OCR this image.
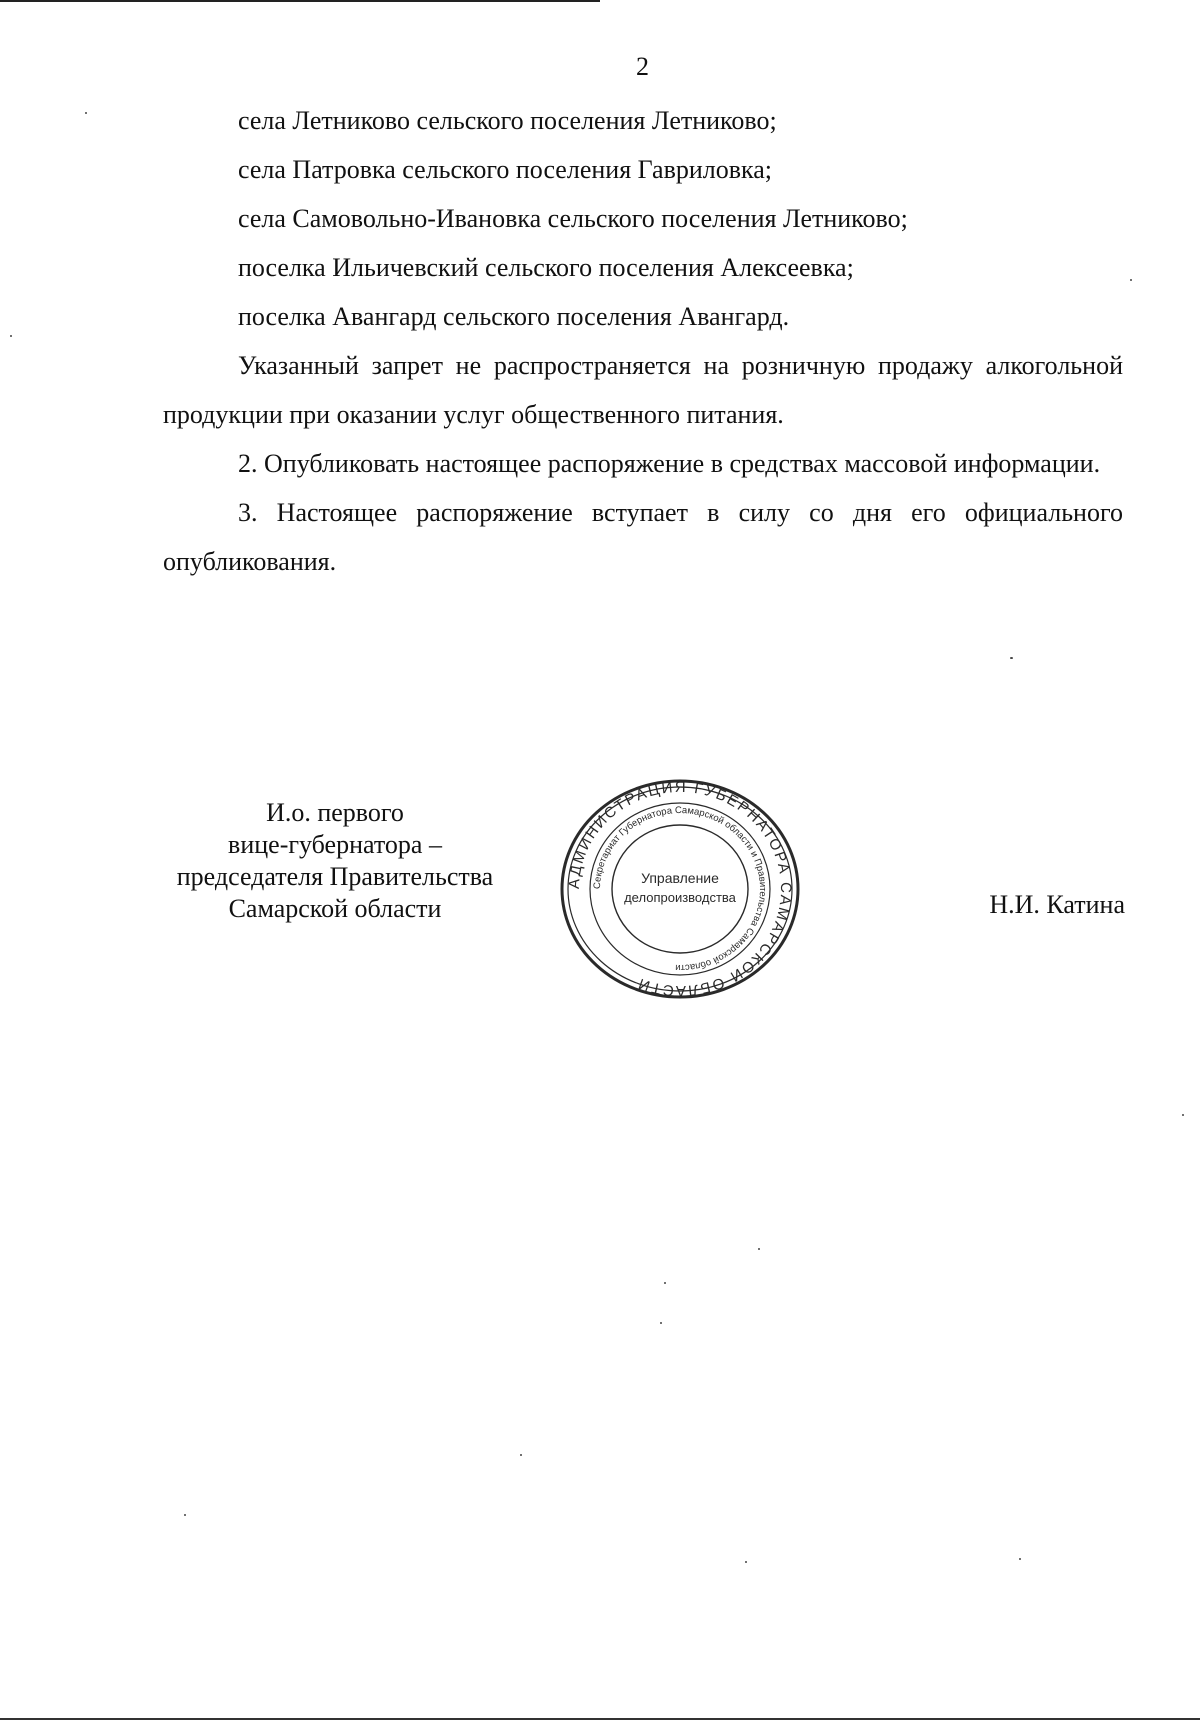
2
села Летниково сельского поселения Летниково;
села Патровка сельского поселения Гавриловка;
села Самовольно-Ивановка сельского поселения Летниково;
поселка Ильичевский сельского поселения Алексеевка;
поселка Авангард сельского поселения Авангард.
Указанный запрет не распространяется на розничную продажу алкогольной продукции при оказании услуг общественного питания.
2. Опубликовать настоящее распоряжение в средствах массовой информации.
3. Настоящее распоряжение вступает в силу со дня его официального опубликования.
И.о. первого
вице-губернатора –
председателя Правительства
Самарской области
АДМИНИСТРАЦИЯ ГУБЕРНАТОРА САМАРСКОЙ ОБЛАСТИ
Секретариат Губернатора Самарской области и Правительства Самарской области
Управление
делопроизводства	Н.И. Катина
